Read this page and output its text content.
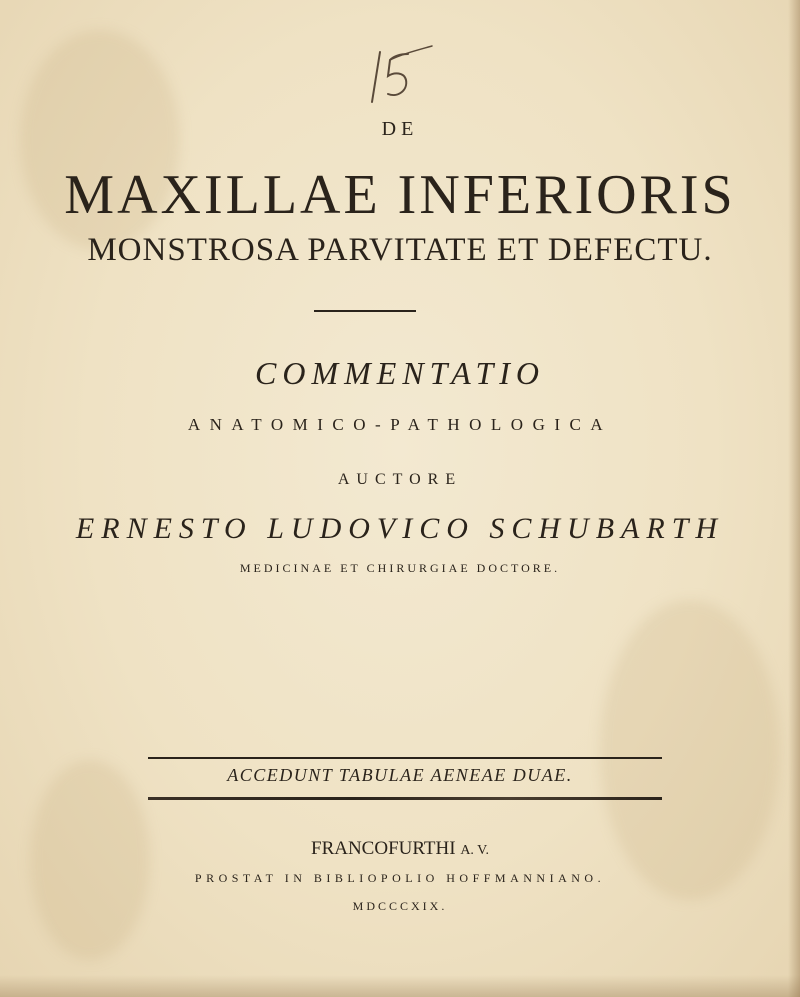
DE
MAXILLAE INFERIORIS
MONSTROSA PARVITATE ET DEFECTU.
COMMENTATIO
ANATOMICO-PATHOLOGICA
AUCTORE
ERNESTO LUDOVICO SCHUBARTH
MEDICINAE ET CHIRURGIAE DOCTORE.
ACCEDUNT TABULAE AENEAE DUAE.
FRANCOFURTHI A. V.
PROSTAT IN BIBLIOPOLIO HOFFMANNIANO.
MDCCCXIX.
